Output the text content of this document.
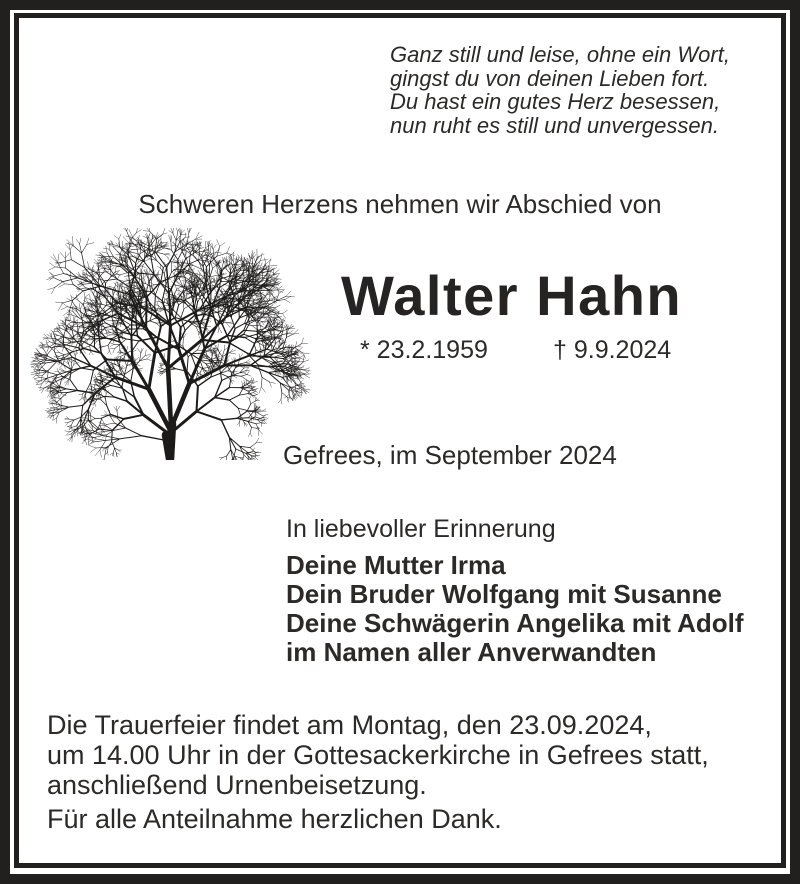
Ganz still und leise, ohne ein Wort,
gingst du von deinen Lieben fort.
Du hast ein gutes Herz besessen,
nun ruht es still und unvergessen.
Schweren Herzens nehmen wir Abschied von
Walter Hahn
* 23.2.1959	† 9.9.2024
Gefrees, im September 2024
In liebevoller Erinnerung
Deine Mutter Irma
Dein Bruder Wolfgang mit Susanne
Deine Schwägerin Angelika mit Adolf
im Namen aller Anverwandten
Die Trauerfeier findet am Montag, den 23.09.2024,
um 14.00 Uhr in der Gottesackerkirche in Gefrees statt,
anschließend Urnenbeisetzung.
Für alle Anteilnahme herzlichen Dank.
